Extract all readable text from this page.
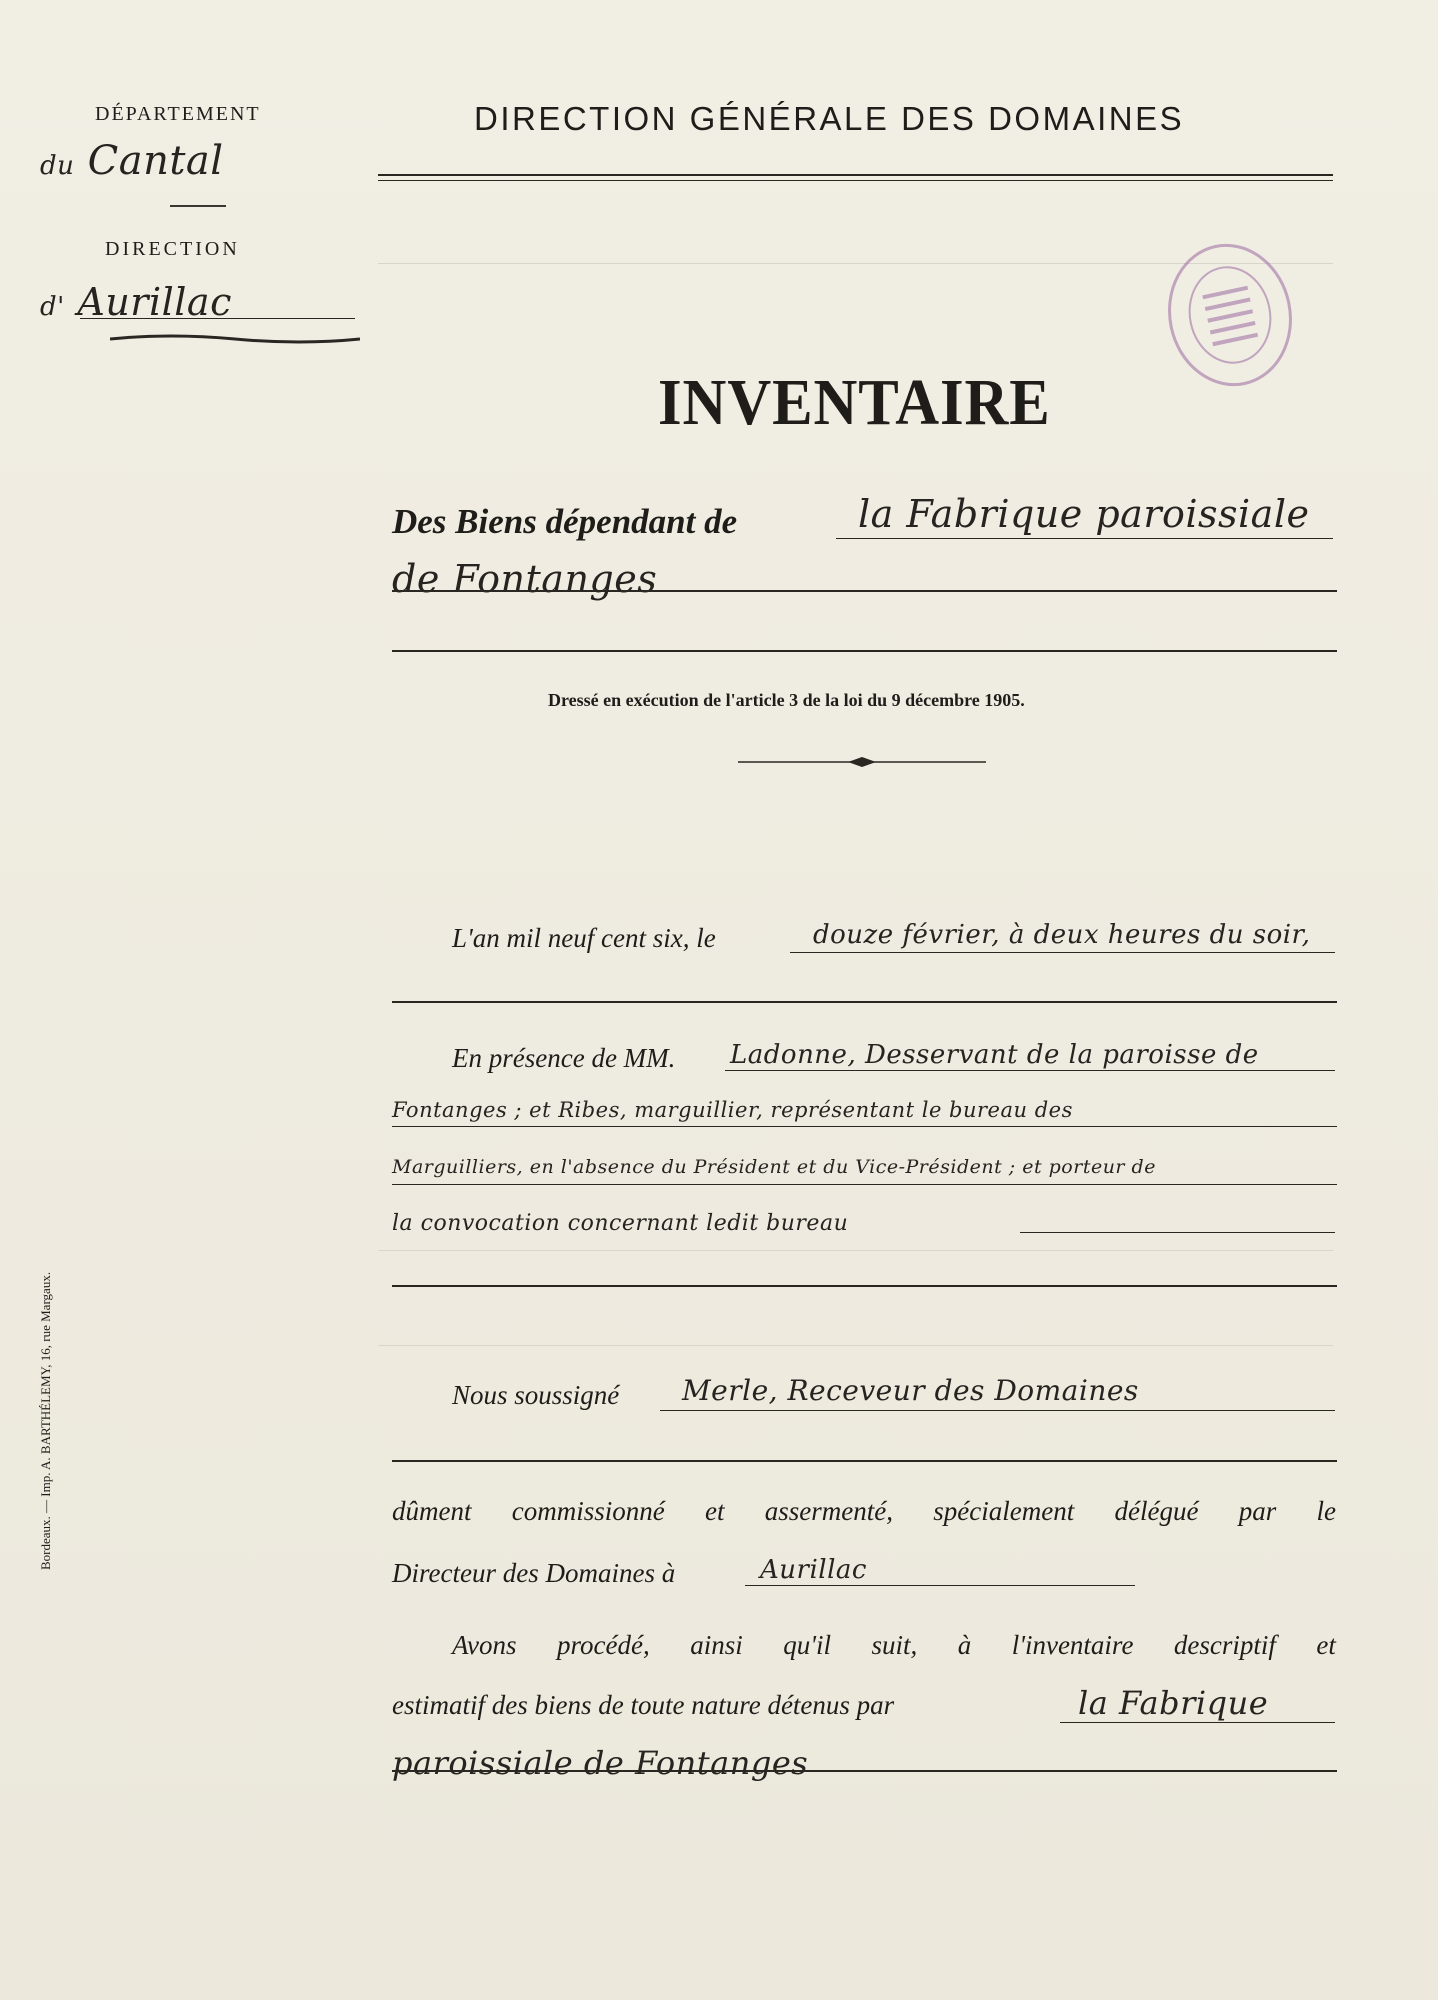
DÉPARTEMENT
du Cantal
DIRECTION
d' Aurillac
DIRECTION GÉNÉRALE DES DOMAINES
INVENTAIRE
Des Biens dépendant de	la Fabrique paroissiale
de Fontanges
Dressé en exécution de l'article 3 de la loi du 9 décembre 1905.
L'an mil neuf cent six, le	douze février, à deux heures du soir,
En présence de MM. Ladonne, Desservant de la paroisse de
Fontanges ; et Ribes, marguillier, représentant le bureau des
Marguilliers, en l'absence du Président et du Vice-Président ; et porteur de
la convocation concernant ledit bureau
Nous soussigné Merle, Receveur des Domaines
dûment commissionné et assermenté, spécialement délégué par le
Directeur des Domaines à	Aurillac
Avons procédé, ainsi qu'il suit, à l'inventaire descriptif et
estimatif des biens de toute nature détenus par	la Fabrique
paroissiale de Fontanges
Bordeaux. — Imp. A. BARTHÉLEMY, 16, rue Margaux.
